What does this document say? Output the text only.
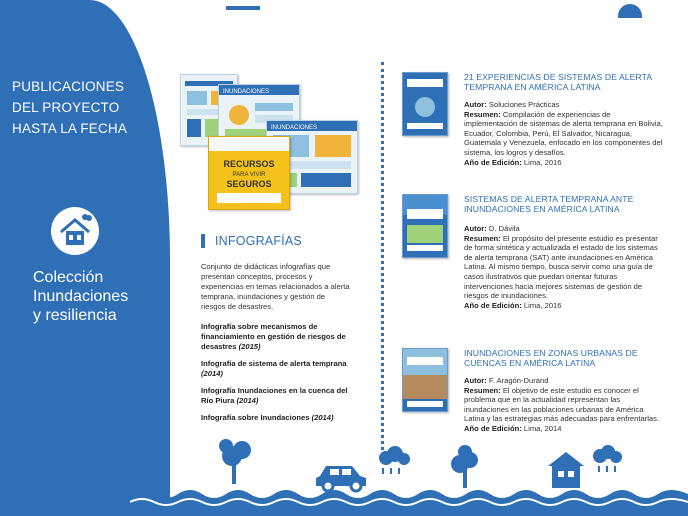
PUBLICACIONES
DEL PROYECTO
HASTA LA FECHA
Colección
Inundaciones
y resiliencia
INUNDACIONES
INUNDACIONES
RECURSOS
PARA VIVIR
SEGUROS
INFOGRAFÍAS
Conjunto de didácticas infografías que presentan conceptos, procesos y experiencias en temas relacionados a alerta temprana, inundaciones y gestión de riesgos de desastres.
Infografía sobre mecanismos de financiamiento en gestión de riesgos de desastres (2015)
Infografía de sistema de alerta temprana (2014)
Infografía Inundaciones en la cuenca del Río Piura (2014)
Infografía sobre Inundaciones (2014)
21 EXPERIENCIAS DE SISTEMAS DE ALERTA TEMPRANA EN AMÉRICA LATINA
Autor: Soluciones Prácticas
Resumen: Compilación de experiencias de implementación de sistemas de alerta temprana en Bolivia, Ecuador, Colombia, Perú, El Salvador, Nicaragua, Guatemala y Venezuela, enfocado en los componentes del sistema, los logros y desafíos.
Año de Edición: Lima, 2016
SISTEMAS DE ALERTA TEMPRANA ANTE INUNDACIONES EN AMÉRICA LATINA
Autor: D. Dávila
Resumen: El propósito del presente estudio es presentar de forma sintética y actualizada el estado de los sistemas de alerta temprana (SAT) ante inundaciones en América Latina. Al mismo tiempo, busca servir como una guía de casos ilustrativos que puedan orientar futuras intervenciones hacia mejores sistemas de gestión de riesgos de inundaciones.
Año de Edición: Lima, 2016
INUNDACIONES EN ZONAS URBANAS DE CUENCAS EN AMÉRICA LATINA
Autor: F. Aragón-Durand
Resumen: El objetivo de este estudio es conocer el problema que en la actualidad representan las inundaciones en las poblaciones urbanas de América Latina y las estrategias más adecuadas para enfrentarlas.
Año de Edición: Lima, 2014
